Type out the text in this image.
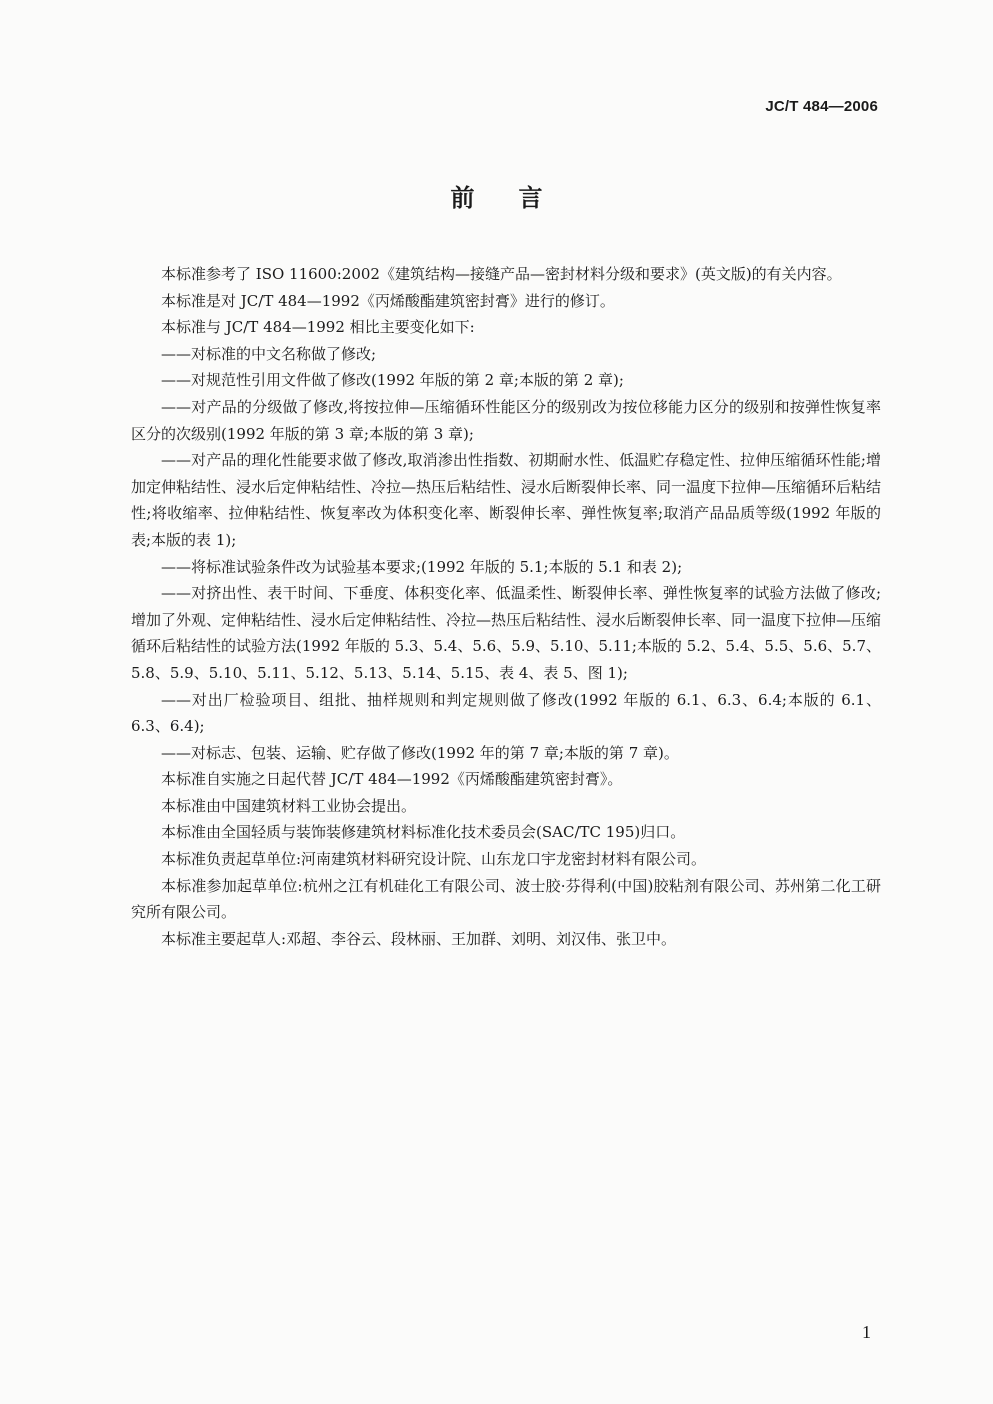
JC/T 484—2006
前言

本标准参考了 ISO 11600:2002《建筑结构—接缝产品—密封材料分级和要求》(英文版)的有关内容。

本标准是对 JC/T 484—1992《丙烯酸酯建筑密封膏》进行的修订。

本标准与 JC/T 484—1992 相比主要变化如下:

——对标准的中文名称做了修改;

——对规范性引用文件做了修改(1992 年版的第 2 章;本版的第 2 章);

——对产品的分级做了修改,将按拉伸—压缩循环性能区分的级别改为按位移能力区分的级别和按弹性恢复率区分的次级别(1992 年版的第 3 章;本版的第 3 章);

——对产品的理化性能要求做了修改,取消渗出性指数、初期耐水性、低温贮存稳定性、拉伸压缩循环性能;增加定伸粘结性、浸水后定伸粘结性、冷拉—热压后粘结性、浸水后断裂伸长率、同一温度下拉伸—压缩循环后粘结性;将收缩率、拉伸粘结性、恢复率改为体积变化率、断裂伸长率、弹性恢复率;取消产品品质等级(1992 年版的表;本版的表 1);

——将标准试验条件改为试验基本要求;(1992 年版的 5.1;本版的 5.1 和表 2);

——对挤出性、表干时间、下垂度、体积变化率、低温柔性、断裂伸长率、弹性恢复率的试验方法做了修改;增加了外观、定伸粘结性、浸水后定伸粘结性、冷拉—热压后粘结性、浸水后断裂伸长率、同一温度下拉伸—压缩循环后粘结性的试验方法(1992 年版的 5.3、5.4、5.6、5.9、5.10、5.11;本版的 5.2、5.4、5.5、5.6、5.7、5.8、5.9、5.10、5.11、5.12、5.13、5.14、5.15、表 4、表 5、图 1);

——对出厂检验项目、组批、抽样规则和判定规则做了修改(1992 年版的 6.1、6.3、6.4;本版的 6.1、6.3、6.4);

——对标志、包装、运输、贮存做了修改(1992 年的第 7 章;本版的第 7 章)。

本标准自实施之日起代替 JC/T 484—1992《丙烯酸酯建筑密封膏》。

本标准由中国建筑材料工业协会提出。

本标准由全国轻质与装饰装修建筑材料标准化技术委员会(SAC/TC 195)归口。

本标准负责起草单位:河南建筑材料研究设计院、山东龙口宇龙密封材料有限公司。

本标准参加起草单位:杭州之江有机硅化工有限公司、波士胶·芬得利(中国)胶粘剂有限公司、苏州第二化工研究所有限公司。

本标准主要起草人:邓超、李谷云、段林丽、王加群、刘明、刘汉伟、张卫中。

1
